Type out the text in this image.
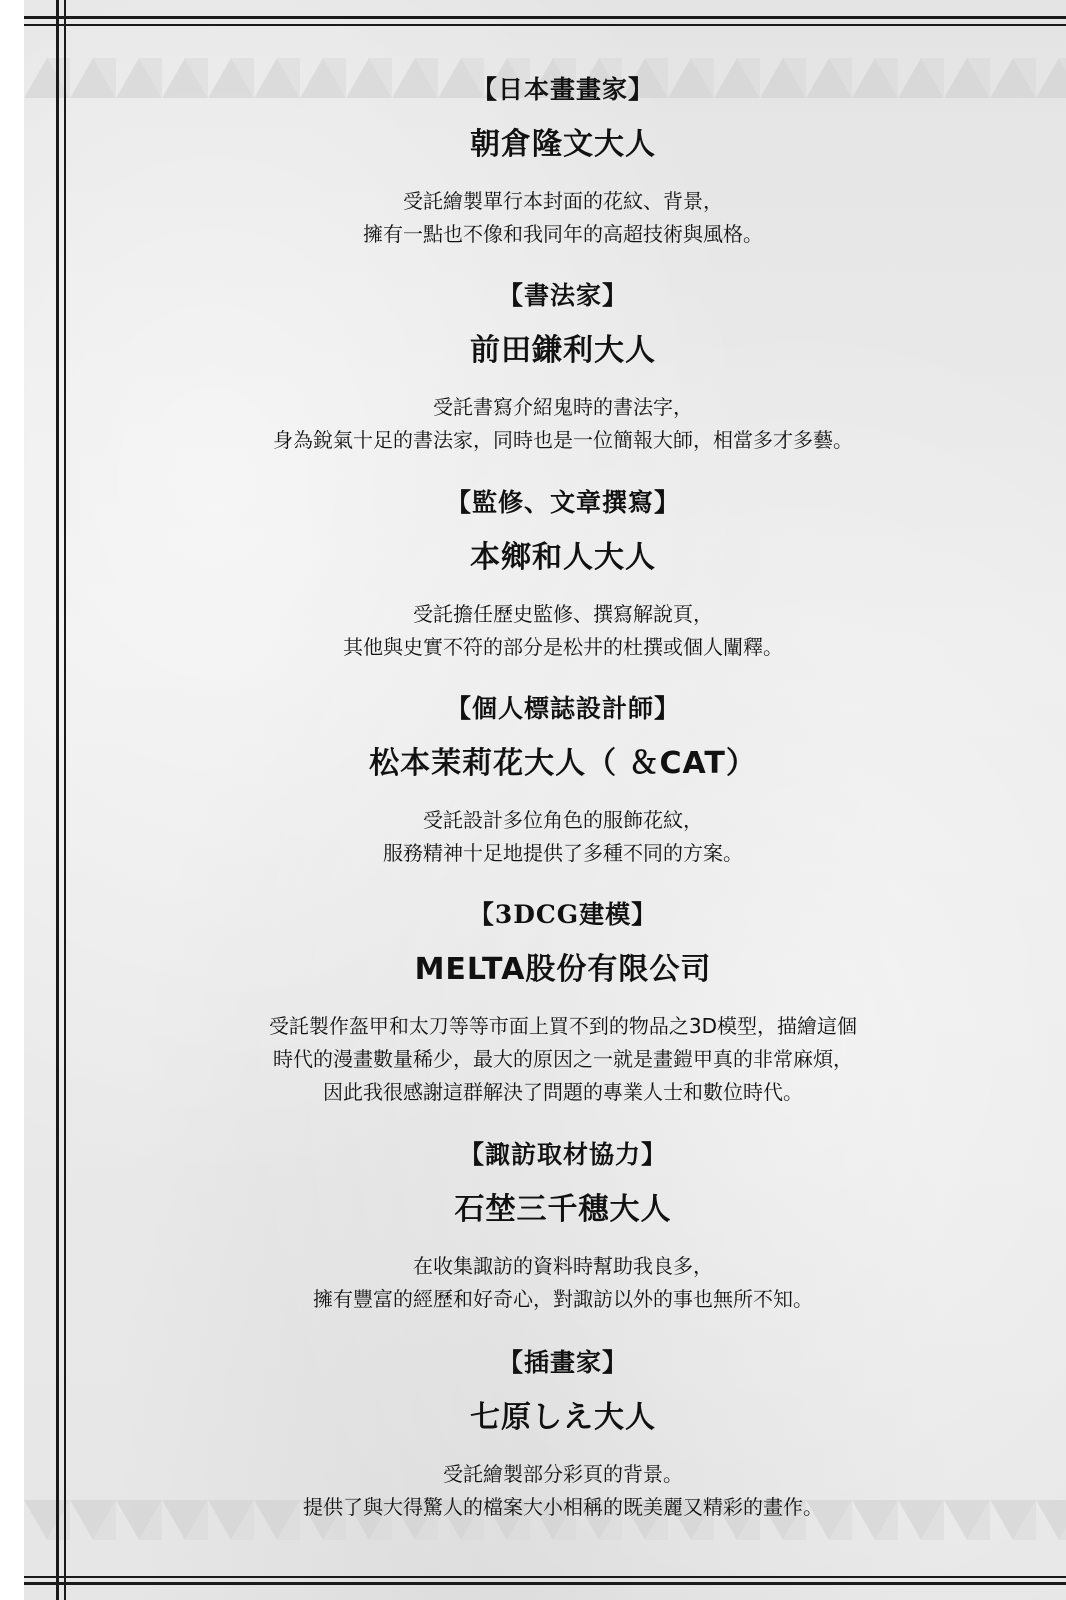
【日本畫畫家】
朝倉隆文大人
受託繪製單行本封面的花紋、背景，
擁有一點也不像和我同年的高超技術與風格。
【書法家】
前田鎌利大人
受託書寫介紹鬼時的書法字，
身為銳氣十足的書法家，同時也是一位簡報大師，相當多才多藝。
【監修、文章撰寫】
本鄉和人大人
受託擔任歷史監修、撰寫解說頁，
其他與史實不符的部分是松井的杜撰或個人闡釋。
【個人標誌設計師】
松本茉莉花大人（ ＆CAT）
受託設計多位角色的服飾花紋，
服務精神十足地提供了多種不同的方案。
【3DCG建模】
MELTA股份有限公司
受託製作盔甲和太刀等等市面上買不到的物品之3D模型，描繪這個
時代的漫畫數量稀少，最大的原因之一就是畫鎧甲真的非常麻煩，
因此我很感謝這群解決了問題的專業人士和數位時代。
【諏訪取材協力】
石埜三千穗大人
在收集諏訪的資料時幫助我良多，
擁有豐富的經歷和好奇心，對諏訪以外的事也無所不知。
【插畫家】
七原しえ大人
受託繪製部分彩頁的背景。
提供了與大得驚人的檔案大小相稱的既美麗又精彩的畫作。
